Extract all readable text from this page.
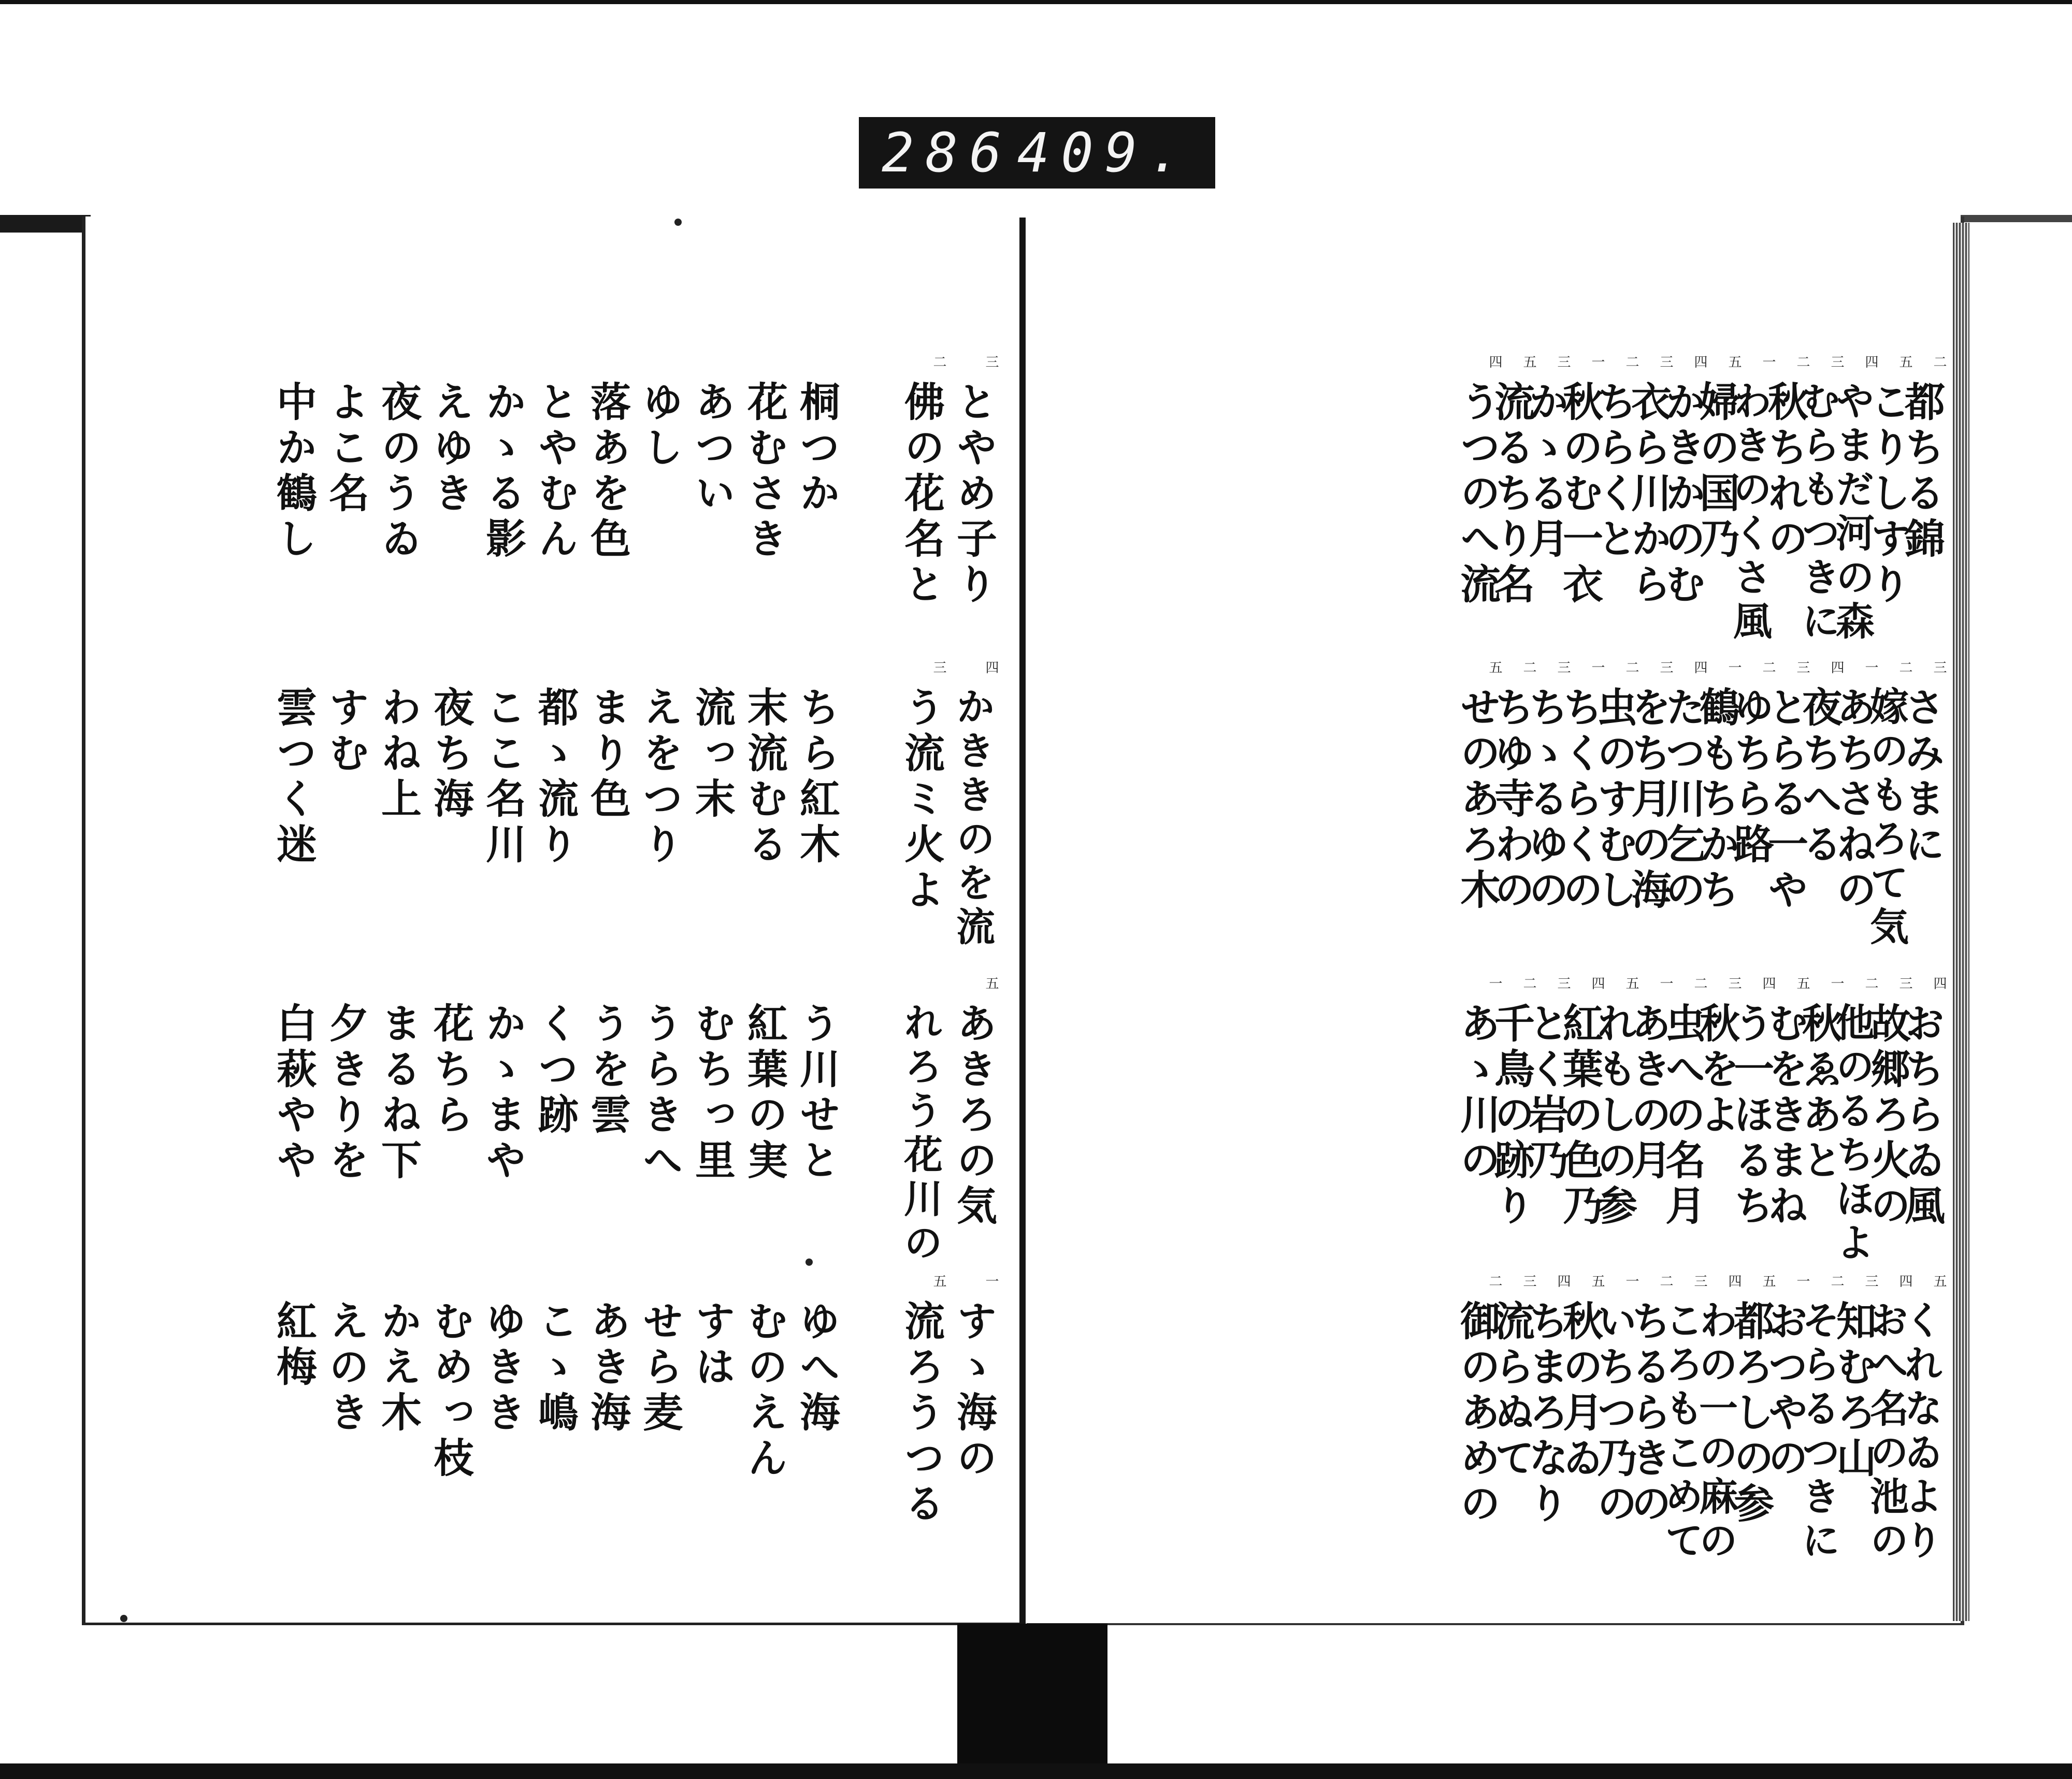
286 409.
二
都ちる錦
五
こりしすり
四
やまだ河の森
三
むらもつきに
二
秋ちれの
一
わきのくさ風
五
婦の国乃
四
かきかのむ
三
衣ら川から
二
ちらくと
一
秋のむ一衣
三
かゝる月
五
流るちり名
四
うつのへ流
三
さみまに
二
嫁のもろて気
一
あちさねの
四
夜ちへる
三
とらる一や
二
ゆちら路
一
鶴もちかち
四
たつ川乞の
三
をち月の海
二
虫のすむし
一
ちくらくの
三
ちゝるゆの
二
ちゆ寺わの
五
せのあろ木
四
おちらゐ風
三
故郷ろ火の
二
他のるちほよ
一
秋ゑあと
五
むをきまね
四
う一ほるち
三
秋をよ
二
虫への名月
一
あきの月
五
れもしの参
四
紅葉の色乃
三
とく岩乃
二
千鳥の跡り
一
あゝ川の
五
くれなゐより
四
おへ名の池の
三
知むろ山
二
そらるつきに
一
おつやの
五
都ろしの参
四
わの一の麻の
三
ころもこめて
二
ちるらきの
一
いちつ乃の
五
秋の月ゐ
四
ちまろなり
三
流らぬて
二
御のあめの
三
とやめ子り
二
佛の花名と
桐つか
花むさき
あつい
ゆし
落あを色
とやむん
かゝる影
えゆき
夜のうゐ
よこ名
中か鶴し
四
かききのを流
三
う流ミ火よ
ちら紅木
末流むる
流っ末
えをつり
まり色
都ゝ流り
ここ名川
夜ち海
わね上
すむ
雲つく迷
五
あきろの気
れろう花川の
う川せと
紅葉の実
むちっ里
うらきへ
うを雲
くつ跡
かゝまや
花ちら
まるね下
夕きりを
白萩やや
一
すゝ海の
五
流ろうつる
ゆへ海
むのえん
すは
せら麦
あき海
こゝ嶋
ゆきき
むめっ枝
かえ木
えのき
紅梅
